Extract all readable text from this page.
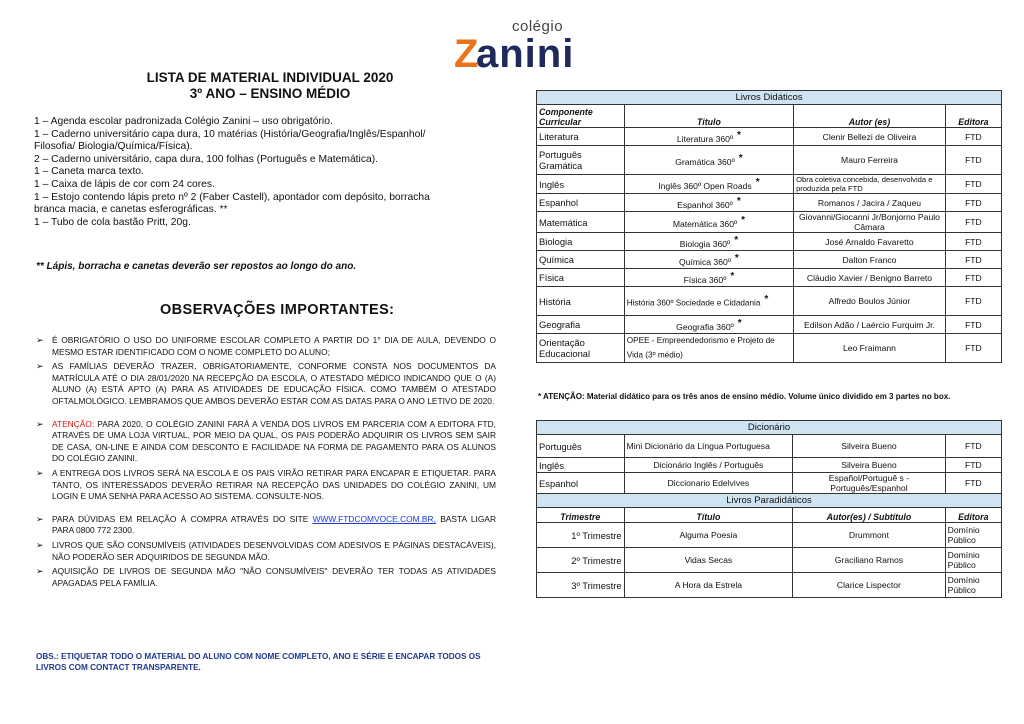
colégio
Z
anini
LISTA DE MATERIAL INDIVIDUAL 2020
3º ANO – ENSINO MÉDIO
1 – Agenda escolar padronizada Colégio Zanini – uso obrigatório.
1 – Caderno universitário capa dura, 10 matérias (História/Geografia/Inglês/Espanhol/
Filosofia/ Biologia/Química/Física).
2 – Caderno universitário, capa dura, 100 folhas (Português e Matemática).
1 – Caneta marca texto.
1 – Caixa de lápis de cor com 24 cores.
1 – Estojo contendo lápis preto nº 2 (Faber Castell), apontador com depósito, borracha
branca macia, e canetas esferográficas. **
1 – Tubo de cola bastão Pritt, 20g.
** Lápis, borracha e canetas deverão ser repostos ao longo do ano.
OBSERVAÇÕES IMPORTANTES:
➢ É OBRIGATÓRIO O USO DO UNIFORME ESCOLAR COMPLETO A PARTIR DO 1° DIA DE AULA, DEVENDO O MESMO ESTAR IDENTIFICADO COM O NOME COMPLETO DO ALUNO;
➢ AS FAMÍLIAS DEVERÃO TRAZER, OBRIGATORIAMENTE, CONFORME CONSTA NOS DOCUMENTOS DA MATRÍCULA ATÉ O DIA 28/01/2020 NA RECEPÇÃO DA ESCOLA, O ATESTADO MÉDICO INDICANDO QUE O (A) ALUNO (A) ESTÁ APTO (A) PARA AS ATIVIDADES DE EDUCAÇÃO FÍSICA. COMO TAMBÉM O ATESTADO OFTALMOLÓGICO. LEMBRAMOS QUE AMBOS DEVERÃO ESTAR COM AS DATAS PARA O ANO LETIVO DE 2020.
➢ ATENÇÃO: PARA 2020, O COLÉGIO ZANINI FARÁ A VENDA DOS LIVROS EM PARCERIA COM A EDITORA FTD, ATRAVÉS DE UMA LOJA VIRTUAL, POR MEIO DA QUAL, OS PAIS PODERÃO ADQUIRIR OS LIVROS SEM SAIR DE CASA, ON-LINE E AINDA COM DESCONTO E FACILIDADE NA FORMA DE PAGAMENTO PARA OS ALUNOS DO COLÉGIO ZANINI.
➢ A ENTREGA DOS LIVROS SERÁ NA ESCOLA E OS PAIS VIRÃO RETIRAR PARA ENCAPAR E ETIQUETAR. PARA TANTO, OS INTERESSADOS DEVERÃO RETIRAR NA RECEPÇÃO DAS UNIDADES DO COLÉGIO ZANINI, UM LOGIN E UMA SENHA PARA ACESSO AO SISTEMA. CONSULTE-NOS.
➢ PARA DÚVIDAS EM RELAÇÃO À COMPRA ATRAVÉS DO SITE WWW.FTDCOMVOCE.COM.BR, BASTA LIGAR PARA 0800 772 2300.
➢ LIVROS QUE SÃO CONSUMÍVEIS (ATIVIDADES DESENVOLVIDAS COM ADESIVOS E PÁGINAS DESTACÁVEIS), NÃO PODERÃO SER ADQUIRIDOS DE SEGUNDA MÃO.
➢ AQUISIÇÃO DE LIVROS DE SEGUNDA MÃO "NÃO CONSUMÍVEIS" DEVERÃO TER TODAS AS ATIVIDADES APAGADAS PELA FAMÍLIA.
OBS.: ETIQUETAR TODO O MATERIAL DO ALUNO COM NOME COMPLETO, ANO E SÉRIE E ENCAPAR TODOS OS LIVROS COM CONTACT TRANSPARENTE.
Livros Didáticos			
Componente Curricular	Título	Autor (es)	Editora
Literatura	Literatura 360º *	Clenir Bellezi de Oliveira	FTD
Português Gramática	Gramática 360º *	Mauro Ferreira	FTD
Inglês	Inglês 360º Open Roads *	Obra coletiva concebida, desenvolvida e produzida pela FTD	FTD
Espanhol	Espanhol 360º *	Romanos / Jacira / Zaqueu	FTD
Matemática	Matemática 360º *	Giovanni/Giocanni Jr/Bonjorno Paulo Câmara	FTD
Biologia	Biologia 360º *	José Arnaldo Favaretto	FTD
Química	Química 360º *	Dalton Franco	FTD
Física	Física 360º *	Cláudio Xavier / Benigno Barreto	FTD
História	História 360º Sociedade e Cidadania *	Alfredo Boulos Júnior	FTD
Geografia	Geografia 360º *	Edilson Adão / Laércio Furquim Jr.	FTD
Orientação Educacional	OPEE - Empreendedorismo e Projeto de Vida (3º médio)	Leo Fraimann	FTD
* ATENÇÃO: Material didático para os três anos de ensino médio. Volume único dividido em 3 partes no box.
Dicionário			
Português	Mini Dicionário da Língua Portuguesa	Silveira Bueno	FTD
Inglês	Dicionário Inglês / Português	Silveira Bueno	FTD
Espanhol	Diccionario Edelvives	Español/Portuguê s - Português/Espanhol	FTD
Livros Paradidáticos			
Trimestre	Título	Autor(es) / Subtítulo	Editora
1º Trimestre	Alguma Poesia	Drummont	Domínio Público
2º Trimestre	Vidas Secas	Graciliano Ramos	Domínio Público
3º Trimestre	A Hora da Estrela	Clarice Lispector	Domínio Público
